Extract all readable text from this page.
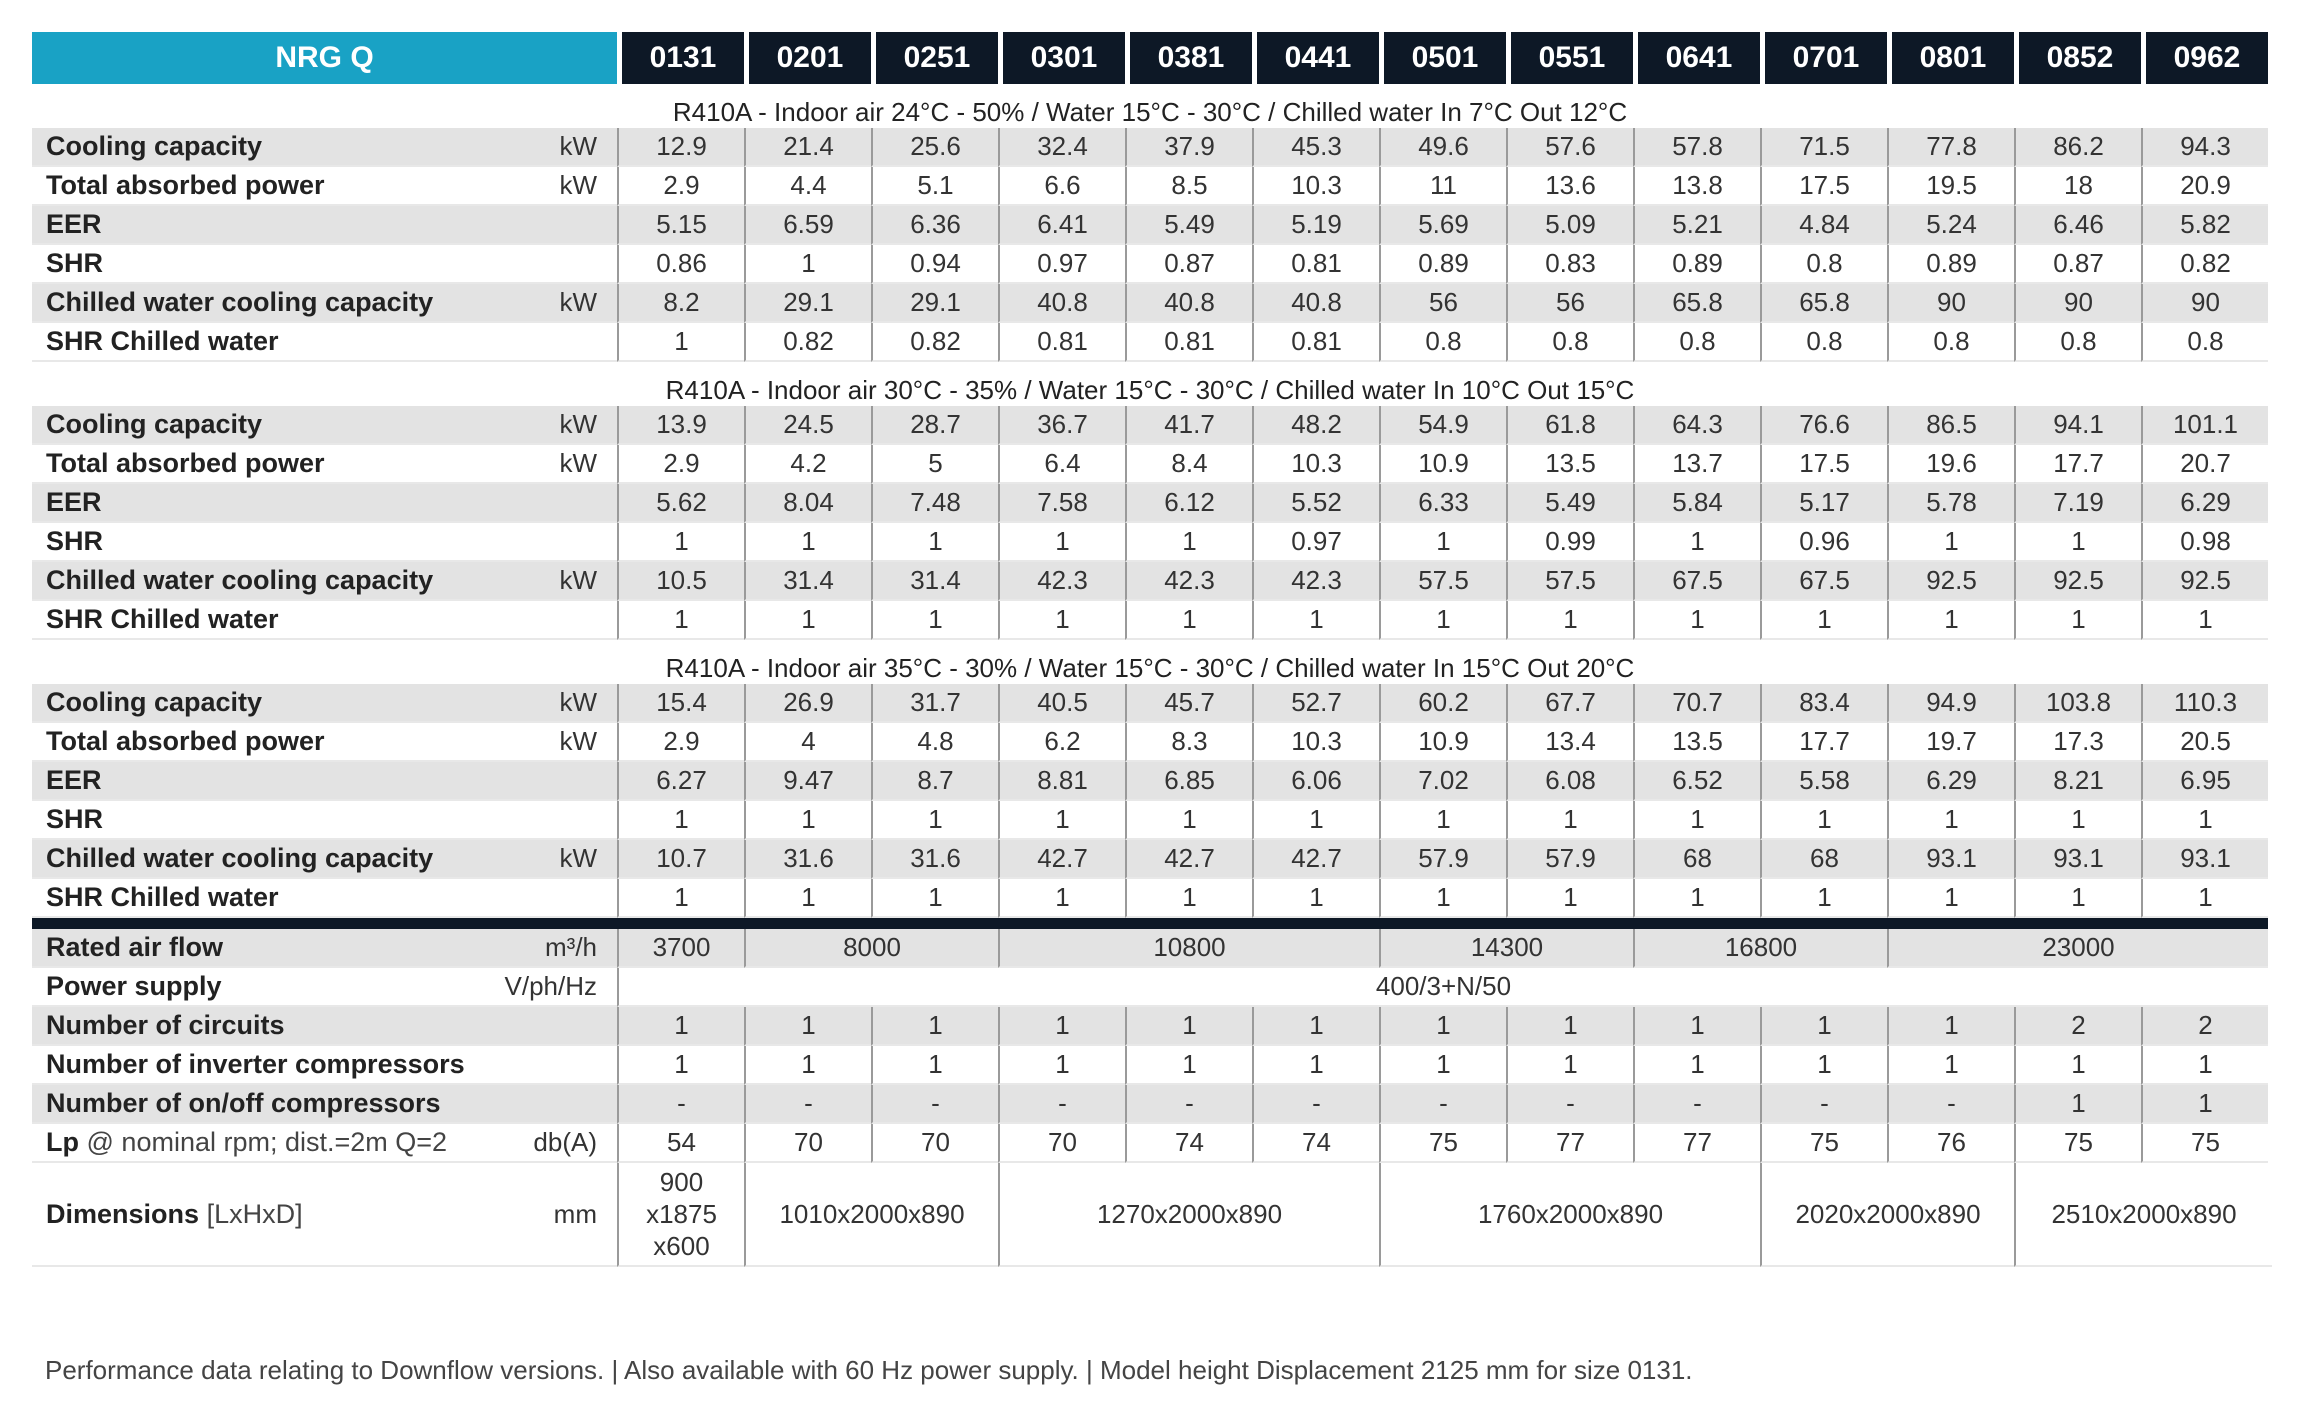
NRG Q		0131	0201	0251	0301	0381	0441	0501	0551	0641	0701	0801	0852	0962

R410A - Indoor air 24°C - 50% / Water 15°C - 30°C / Chilled water In 7°C Out 12°C														
Cooling capacity	kW	12.9	21.4	25.6	32.4	37.9	45.3	49.6	57.6	57.8	71.5	77.8	86.2	94.3
Total absorbed power	kW	2.9	4.4	5.1	6.6	8.5	10.3	11	13.6	13.8	17.5	19.5	18	20.9
EER		5.15	6.59	6.36	6.41	5.49	5.19	5.69	5.09	5.21	4.84	5.24	6.46	5.82
SHR		0.86	1	0.94	0.97	0.87	0.81	0.89	0.83	0.89	0.8	0.89	0.87	0.82
Chilled water cooling capacity	kW	8.2	29.1	29.1	40.8	40.8	40.8	56	56	65.8	65.8	90	90	90
SHR Chilled water		1	0.82	0.82	0.81	0.81	0.81	0.8	0.8	0.8	0.8	0.8	0.8	0.8

R410A - Indoor air 30°C - 35% / Water 15°C - 30°C / Chilled water In 10°C Out 15°C														
Cooling capacity	kW	13.9	24.5	28.7	36.7	41.7	48.2	54.9	61.8	64.3	76.6	86.5	94.1	101.1
Total absorbed power	kW	2.9	4.2	5	6.4	8.4	10.3	10.9	13.5	13.7	17.5	19.6	17.7	20.7
EER		5.62	8.04	7.48	7.58	6.12	5.52	6.33	5.49	5.84	5.17	5.78	7.19	6.29
SHR		1	1	1	1	1	0.97	1	0.99	1	0.96	1	1	0.98
Chilled water cooling capacity	kW	10.5	31.4	31.4	42.3	42.3	42.3	57.5	57.5	67.5	67.5	92.5	92.5	92.5
SHR Chilled water		1	1	1	1	1	1	1	1	1	1	1	1	1

R410A - Indoor air 35°C - 30% / Water 15°C - 30°C / Chilled water In 15°C Out 20°C														
Cooling capacity	kW	15.4	26.9	31.7	40.5	45.7	52.7	60.2	67.7	70.7	83.4	94.9	103.8	110.3
Total absorbed power	kW	2.9	4	4.8	6.2	8.3	10.3	10.9	13.4	13.5	17.7	19.7	17.3	20.5
EER		6.27	9.47	8.7	8.81	6.85	6.06	7.02	6.08	6.52	5.58	6.29	8.21	6.95
SHR		1	1	1	1	1	1	1	1	1	1	1	1	1
Chilled water cooling capacity	kW	10.7	31.6	31.6	42.7	42.7	42.7	57.9	57.9	68	68	93.1	93.1	93.1
SHR Chilled water		1	1	1	1	1	1	1	1	1	1	1	1	1

Rated air flow	m³/h	3700	8000		10800			14300		16800		23000		
Power supply	V/ph/Hz	400/3+N/50												
Number of circuits		1	1	1	1	1	1	1	1	1	1	1	2	2
Number of inverter compressors		1	1	1	1	1	1	1	1	1	1	1	1	1
Number of on/off compressors		-	-	-	-	-	-	-	-	-	-	-	1	1
Lp @ nominal rpm; dist.=2m Q=2	db(A)	54	70	70	70	74	74	75	77	77	75	76	75	75
Dimensions [LxHxD]	mm	900
x1875
x600	1010x2000x890		1270x2000x890			1760x2000x890			2020x2000x890		2510x2000x890	
Performance data relating to Downflow versions. | Also available with 60 Hz power supply. | Model height Displacement 2125 mm for size 0131.
